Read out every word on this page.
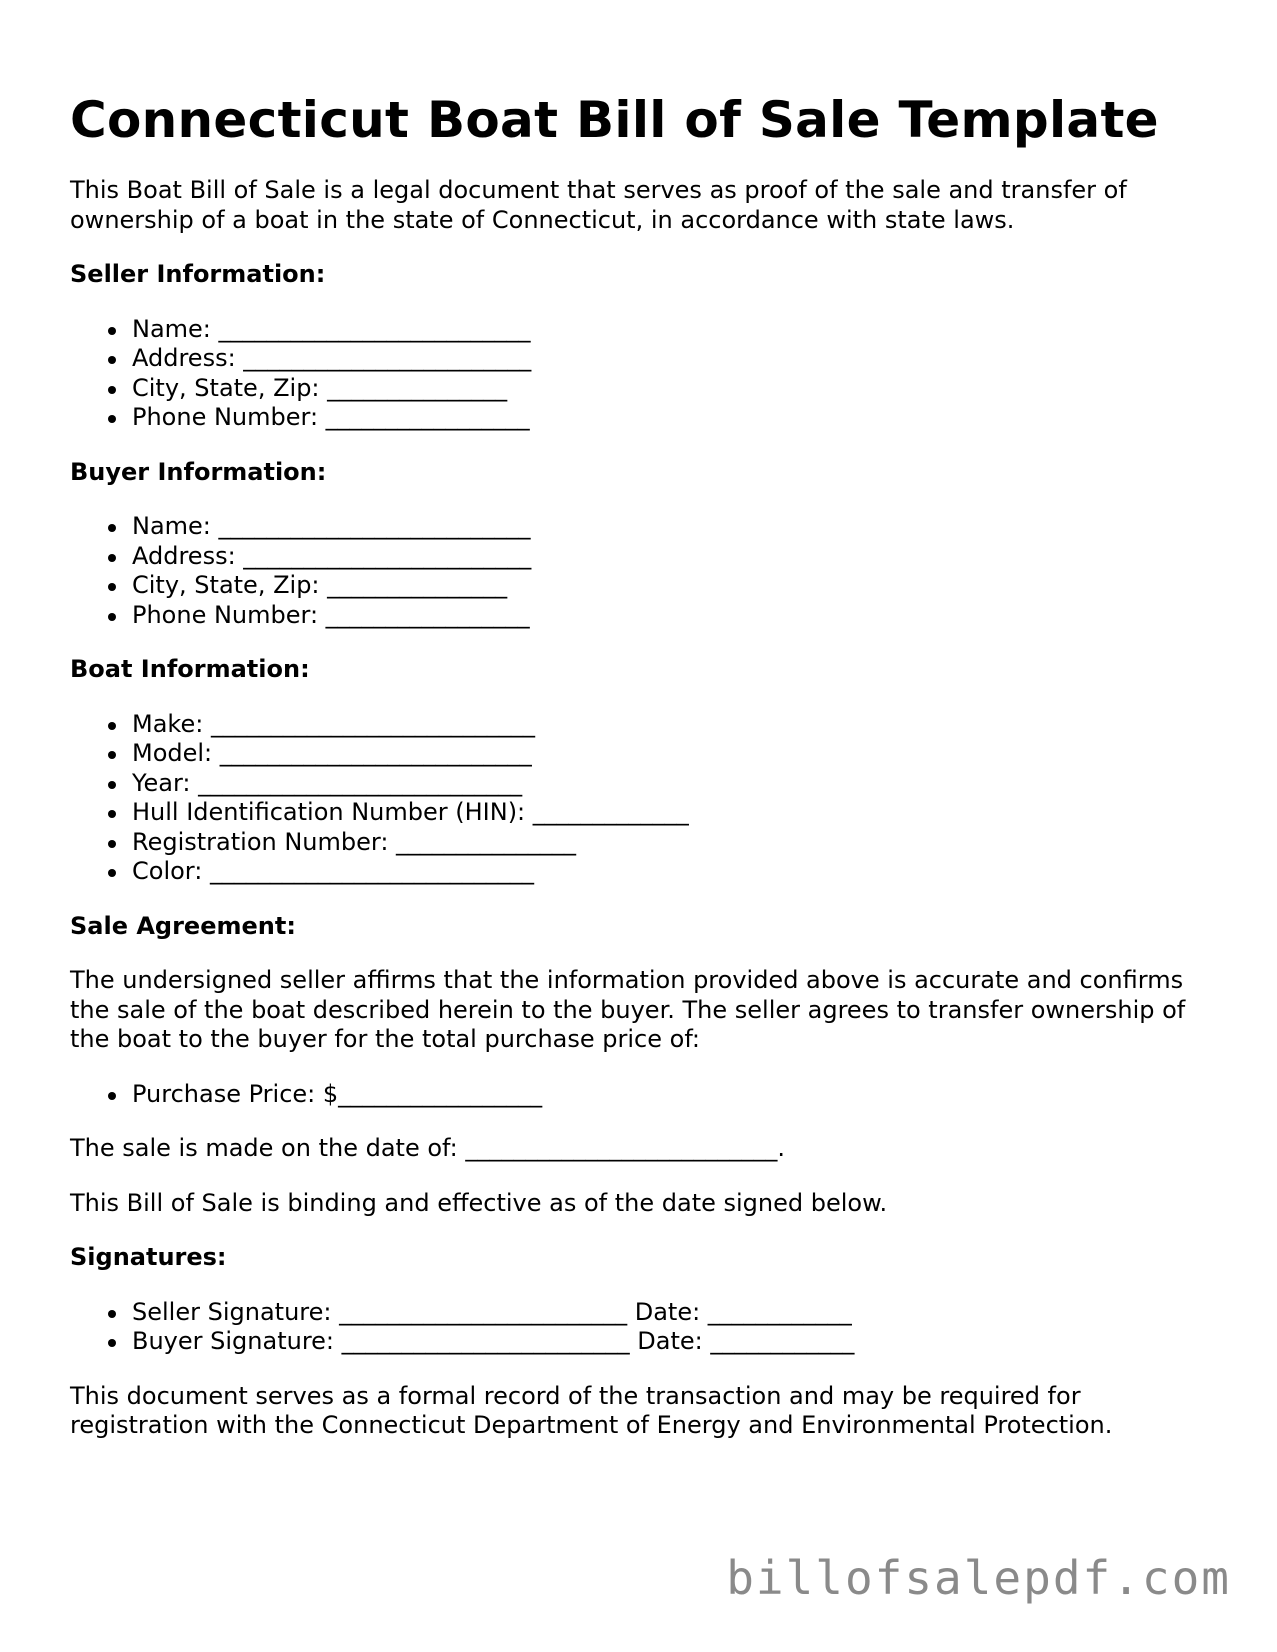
Connecticut Boat Bill of Sale Template

This Boat Bill of Sale is a legal document that serves as proof of the sale and transfer of ownership of a boat in the state of Connecticut, in accordance with state laws.

Seller Information:
Name: __________________________
Address: ________________________
City, State, Zip: _______________
Phone Number: _________________
Buyer Information:
Name: __________________________
Address: ________________________
City, State, Zip: _______________
Phone Number: _________________
Boat Information:
Make: ___________________________
Model: __________________________
Year: ___________________________
Hull Identification Number (HIN): _____________
Registration Number: _______________
Color: ___________________________
Sale Agreement:

The undersigned seller affirms that the information provided above is accurate and confirms the sale of the boat described herein to the buyer. The seller agrees to transfer ownership of the boat to the buyer for the total purchase price of:

Purchase Price: $_________________

The sale is made on the date of: __________________________.

This Bill of Sale is binding and effective as of the date signed below.

Signatures:
Seller Signature: ________________________ Date: ____________
Buyer Signature: ________________________ Date: ____________

This document serves as a formal record of the transaction and may be required for registration with the Connecticut Department of Energy and Environmental Protection.

billofsalepdf.com
